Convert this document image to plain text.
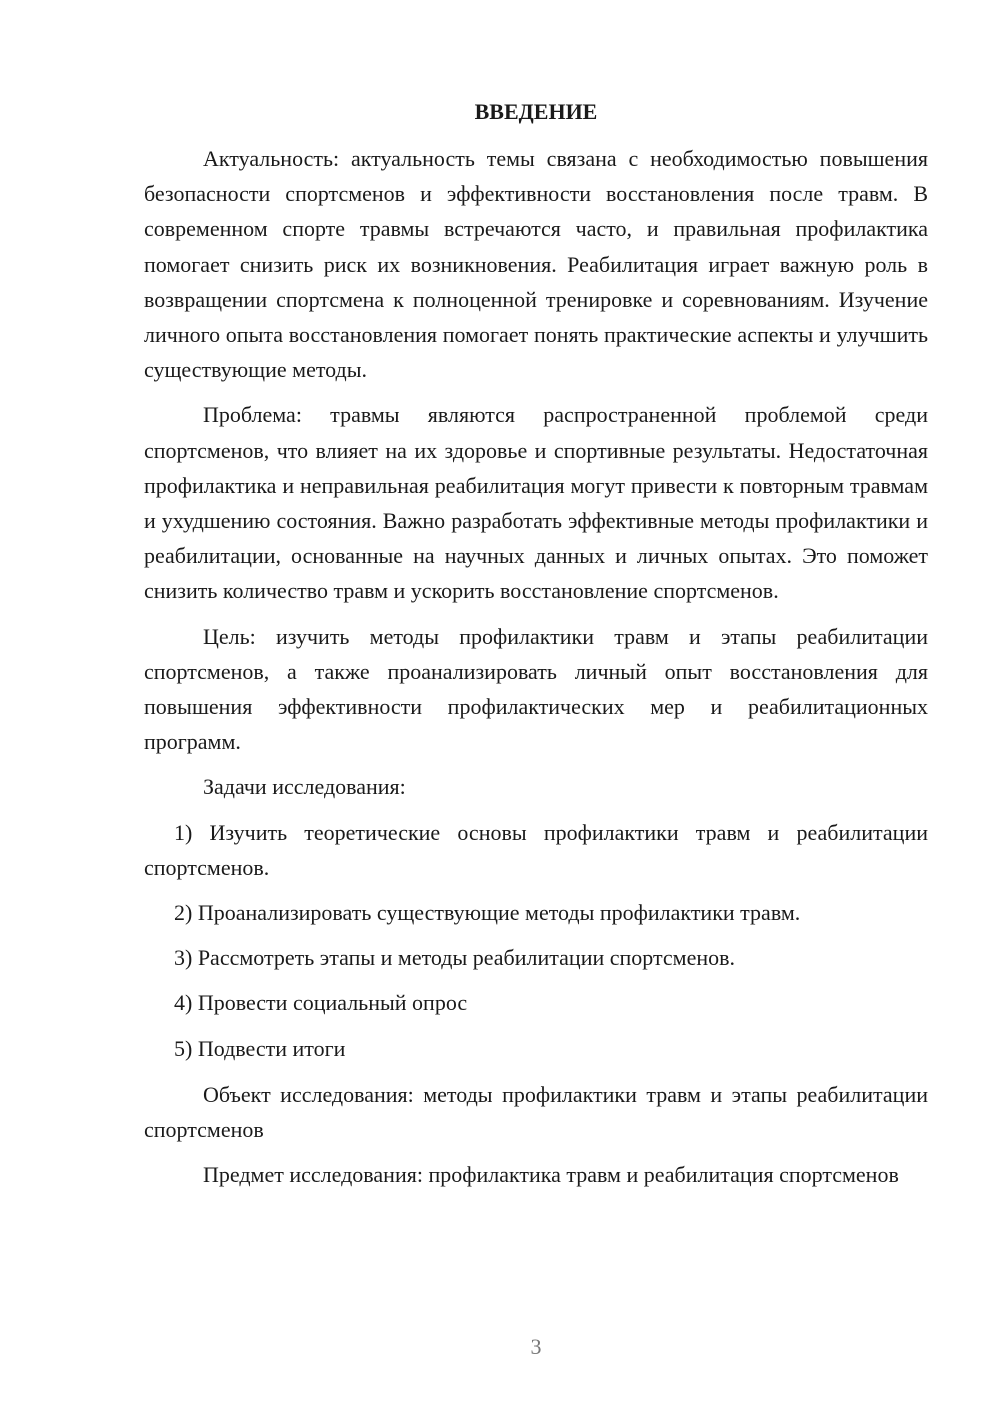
ВВЕДЕНИЕ

Актуальность: актуальность темы связана с необходимостью повышения безопасности спортсменов и эффективности восстановления после травм. В современном спорте травмы встречаются часто, и правильная профилактика помогает снизить риск их возникновения. Реабилитация играет важную роль в возвращении спортсмена к полноценной тренировке и соревнованиям. Изучение личного опыта восстановления помогает понять практические аспекты и улучшить существующие методы.

Проблема: травмы являются распространенной проблемой среди спортсменов, что влияет на их здоровье и спортивные результаты. Недостаточная профилактика и неправильная реабилитация могут привести к повторным травмам и ухудшению состояния. Важно разработать эффективные методы профилактики и реабилитации, основанные на научных данных и личных опытах. Это поможет снизить количество травм и ускорить восстановление спортсменов.

Цель: изучить методы профилактики травм и этапы реабилитации спортсменов, а также проанализировать личный опыт восстановления для повышения эффективности профилактических мер и реабилитационных программ.

Задачи исследования:

1) Изучить теоретические основы профилактики травм и реабилитации спортсменов.

2) Проанализировать существующие методы профилактики травм.

3) Рассмотреть этапы и методы реабилитации спортсменов.

4) Провести социальный опрос

5) Подвести итоги

Объект исследования: методы профилактики травм и этапы реабилитации спортсменов

Предмет исследования: профилактика травм и реабилитация спортсменов

3
